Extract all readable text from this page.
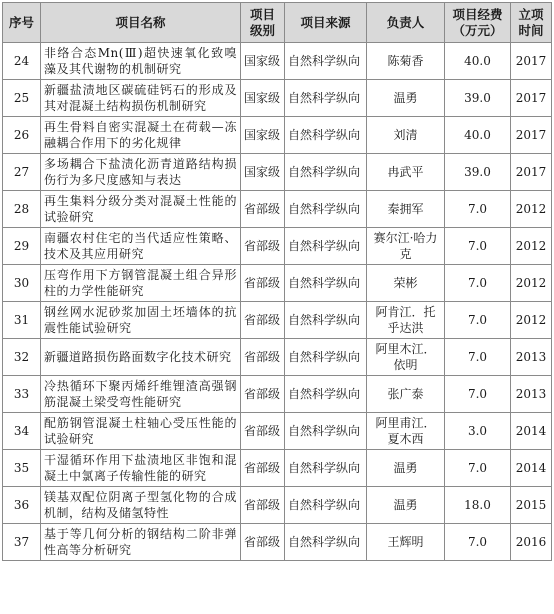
序号	项目名称	项目级别	项目来源	负责人	项目经费（万元）	立项时间
24	非络合态Mn(Ⅲ)超快速氧化致嗅藻及其代谢物的机制研究	国家级	自然科学纵向	陈菊香	40.0	2017
25	新疆盐渍地区碳硫硅钙石的形成及其对混凝土结构损伤机制研究	国家级	自然科学纵向	温勇	39.0	2017
26	再生骨料自密实混凝土在荷载—冻融耦合作用下的劣化规律	国家级	自然科学纵向	刘清	40.0	2017
27	多场耦合下盐渍化沥青道路结构损伤行为多尺度感知与表达	国家级	自然科学纵向	冉武平	39.0	2017
28	再生集料分级分类对混凝土性能的试验研究	省部级	自然科学纵向	秦拥军	7.0	2012
29	南疆农村住宅的当代适应性策略、技术及其应用研究	省部级	自然科学纵向	赛尔江·哈力克	7.0	2012
30	压弯作用下方钢管混凝土组合异形柱的力学性能研究	省部级	自然科学纵向	荣彬	7.0	2012
31	钢丝网水泥砂浆加固土坯墙体的抗震性能试验研究	省部级	自然科学纵向	阿肯江．托乎达洪	7.0	2012
32	新疆道路损伤路面数字化技术研究	省部级	自然科学纵向	阿里木江．依明	7.0	2013
33	冷热循环下聚丙烯纤维锂渣高强钢筋混凝土梁受弯性能研究	省部级	自然科学纵向	张广泰	7.0	2013
34	配筋钢管混凝土柱轴心受压性能的试验研究	省部级	自然科学纵向	阿里甫江．夏木西	3.0	2014
35	干湿循环作用下盐渍地区非饱和混凝土中氯离子传输性能的研究	省部级	自然科学纵向	温勇	7.0	2014
36	镁基双配位阴离子型氢化物的合成机制，结构及储氢特性	省部级	自然科学纵向	温勇	18.0	2015
37	基于等几何分析的钢结构二阶非弹性高等分析研究	省部级	自然科学纵向	王辉明	7.0	2016
